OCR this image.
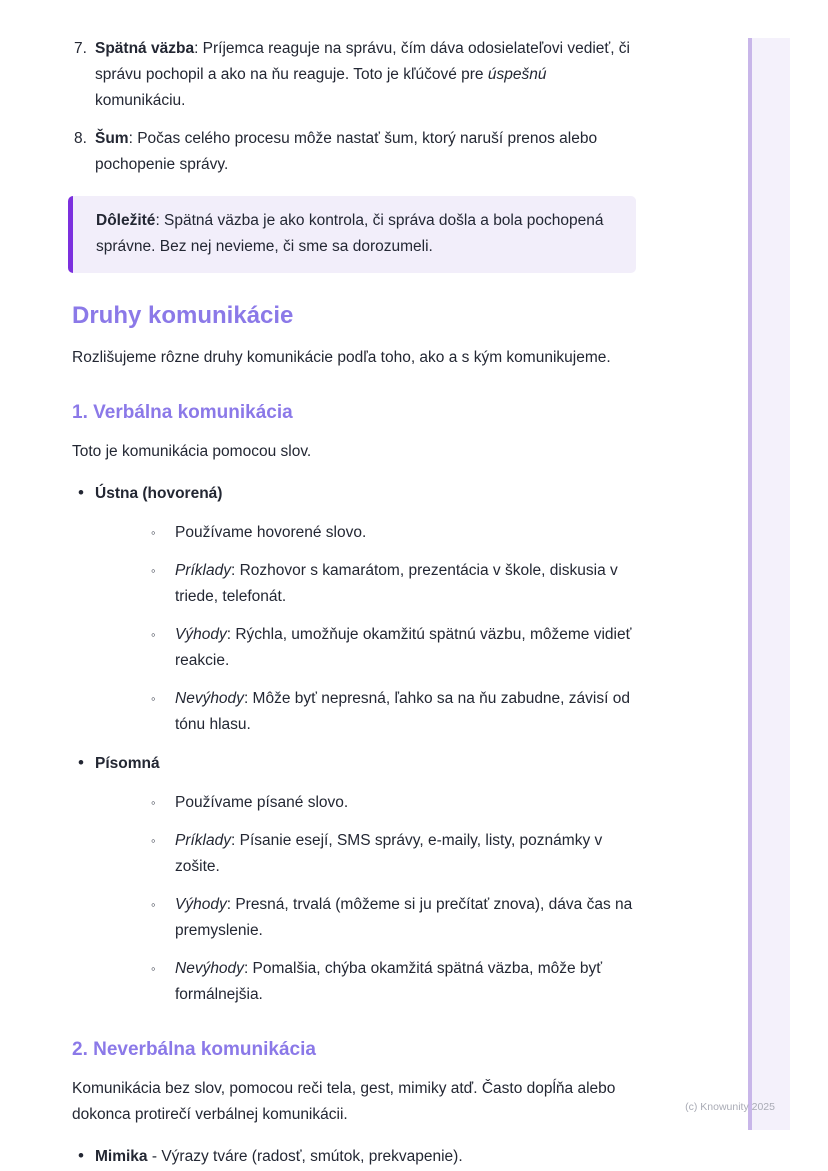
7. Spätná väzba: Príjemca reaguje na správu, čím dáva odosielateľovi vedieť, či správu pochopil a ako na ňu reaguje. Toto je kľúčové pre úspešnú komunikáciu.
8. Šum: Počas celého procesu môže nastať šum, ktorý naruší prenos alebo pochopenie správy.

Dôležité: Spätná väzba je ako kontrola, či správa došla a bola pochopená správne. Bez nej nevieme, či sme sa dorozumeli.

Druhy komunikácie

Rozlišujeme rôzne druhy komunikácie podľa toho, ako a s kým komunikujeme.

1. Verbálna komunikácia

Toto je komunikácia pomocou slov.

•
Ústna (hovorená)
◦
Používame hovorené slovo.
◦
Príklady: Rozhovor s kamarátom, prezentácia v škole, diskusia v triede, telefonát.
◦
Výhody: Rýchla, umožňuje okamžitú spätnú väzbu, môžeme vidieť reakcie.
◦
Nevýhody: Môže byť nepresná, ľahko sa na ňu zabudne, závisí od tónu hlasu.
•
Písomná
◦
Používame písané slovo.
◦
Príklady: Písanie esejí, SMS správy, e-maily, listy, poznámky v zošite.
◦
Výhody: Presná, trvalá (môžeme si ju prečítať znova), dáva čas na premyslenie.
◦
Nevýhody: Pomalšia, chýba okamžitá spätná väzba, môže byť formálnejšia.
2. Neverbálna komunikácia

Komunikácia bez slov, pomocou reči tela, gest, mimiky atď. Často dopĺňa alebo dokonca protirečí verbálnej komunikácii.

•
Mimika - Výrazy tváre (radosť, smútok, prekvapenie).
(c) Knowunity 2025
